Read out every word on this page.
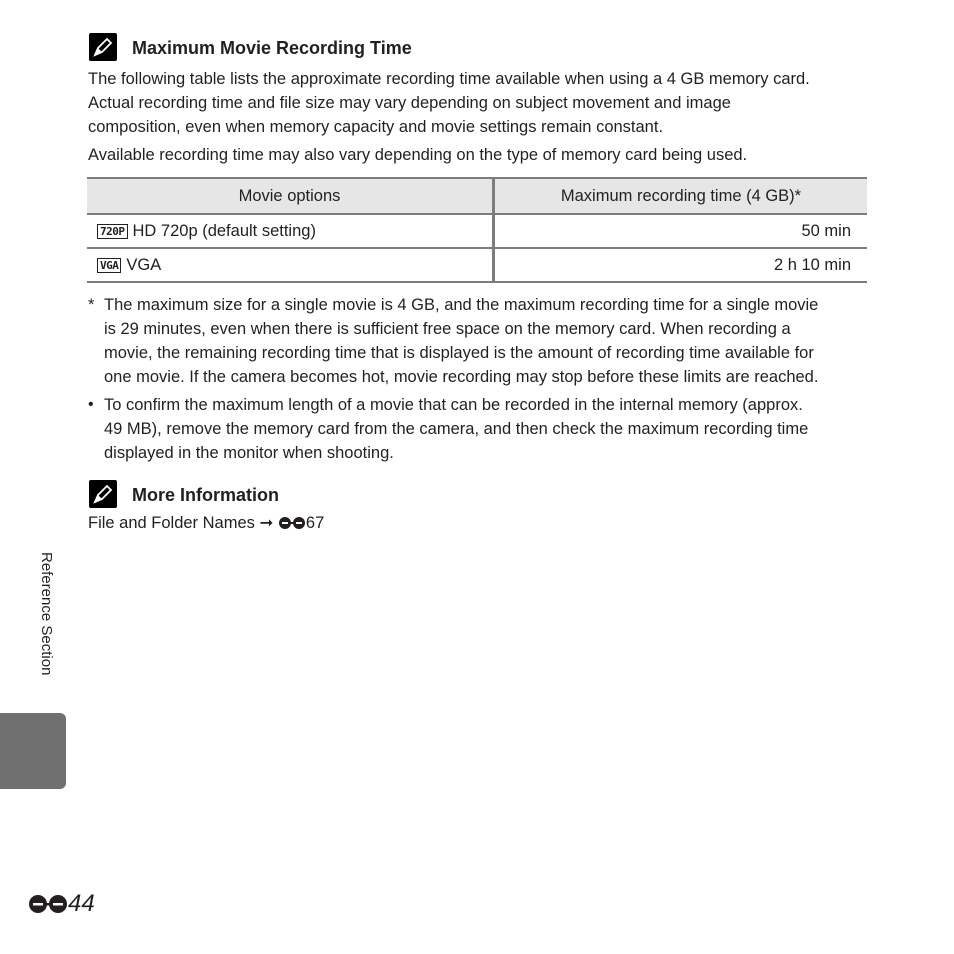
Maximum Movie Recording Time

The following table lists the approximate recording time available when using a 4 GB memory card.
Actual recording time and file size may vary depending on subject movement and image
composition, even when memory capacity and movie settings remain constant.

Available recording time may also vary depending on the type of memory card being used.

Movie options	Maximum recording time (4 GB)*
720P HD 720p (default setting)	50 min
VGA VGA	2 h 10 min
* The maximum size for a single movie is 4 GB, and the maximum recording time for a single movie
is 29 minutes, even when there is sufficient free space on the memory card. When recording a
movie, the remaining recording time that is displayed is the amount of recording time available for
one movie. If the camera becomes hot, movie recording may stop before these limits are reached.
• To confirm the maximum length of a movie that can be recorded in the internal memory (approx.
49 MB), remove the memory card from the camera, and then check the maximum recording time
displayed in the monitor when shooting.
More Information
File and Folder Names ➞ 67
Reference Section
44
